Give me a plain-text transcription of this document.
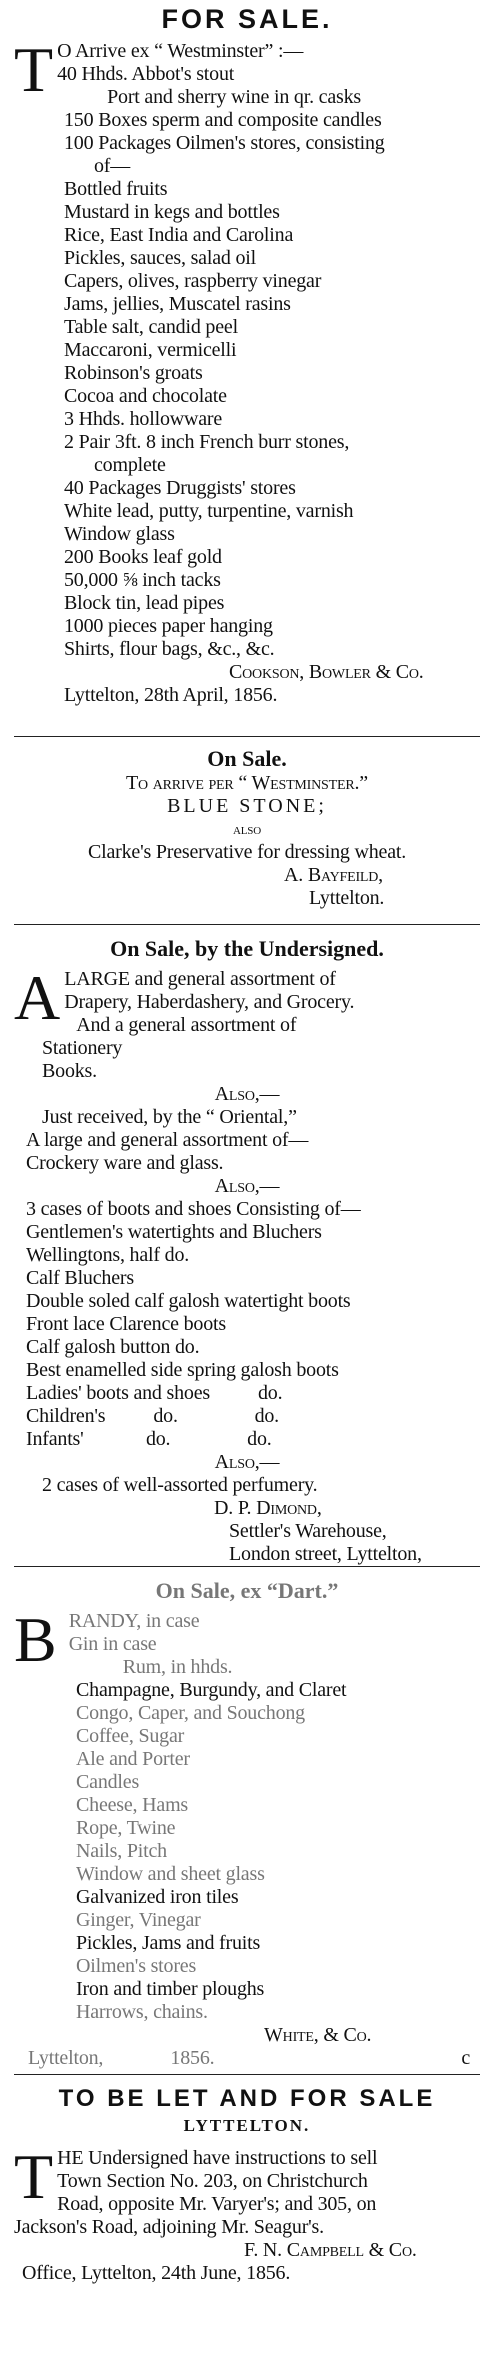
FOR SALE.
T O Arrive ex “ Westminster” :—
40 Hhds. Abbot's stout
Port and sherry wine in qr. casks
150 Boxes sperm and composite candles
100 Packages Oilmen's stores, consisting
of—
Bottled fruits
Mustard in kegs and bottles
Rice, East India and Carolina
Pickles, sauces, salad oil
Capers, olives, raspberry vinegar
Jams, jellies, Muscatel rasins
Table salt, candid peel
Maccaroni, vermicelli
Robinson's groats
Cocoa and chocolate
3 Hhds. hollowware
2 Pair 3ft. 8 inch French burr stones,
complete
40 Packages Druggists' stores
White lead, putty, turpentine, varnish
Window glass
200 Books leaf gold
50,000 ⅝ inch tacks
Block tin, lead pipes
1000 pieces paper hanging
Shirts, flour bags, &c., &c.
Cookson, Bowler & Co.
Lyttelton, 28th April, 1856.
On Sale.
To arrive per “ Westminster.”
BLUE STONE;
also
Clarke's Preservative for dressing wheat.
A. Bayfeild,
Lyttelton.
On Sale, by the Undersigned.
A LARGE and general assortment of
Drapery, Haberdashery, and Grocery.
And a general assortment of
Stationery
Books.
Also,—
Just received, by the “ Oriental,”
A large and general assortment of—
Crockery ware and glass.
Also,—
3 cases of boots and shoes Consisting of—
Gentlemen's watertights and Bluchers
Wellingtons, half do.
Calf Bluchers
Double soled calf galosh watertight boots
Front lace Clarence boots
Calf galosh button do.
Best enamelled side spring galosh boots
Ladies' boots and shoes          do.
Children's          do.                do.
Infants'             do.                do.
Also,—
2 cases of well-assorted perfumery.
D. P. Dimond,
Settler's Warehouse,
London street, Lyttelton,
On Sale, ex “Dart.”
B RANDY, in case
Gin in case
Rum, in hhds.
Champagne, Burgundy, and Claret
Congo, Caper, and Souchong
Coffee, Sugar
Ale and Porter
Candles
Cheese, Hams
Rope, Twine
Nails, Pitch
Window and sheet glass
Galvanized iron tiles
Ginger, Vinegar
Pickles, Jams and fruits
Oilmen's stores
Iron and timber ploughs
Harrows, chains.
White, & Co.
Lyttelton,              1856.	c
TO BE LET AND FOR SALE
LYTTELTON.
T HE Undersigned have instructions to sell
Town Section No. 203, on Christchurch
Road, opposite Mr. Varyer's; and 305, on
Jackson's Road, adjoining Mr. Seagur's.
F. N. Campbell & Co.
Office, Lyttelton, 24th June, 1856.
